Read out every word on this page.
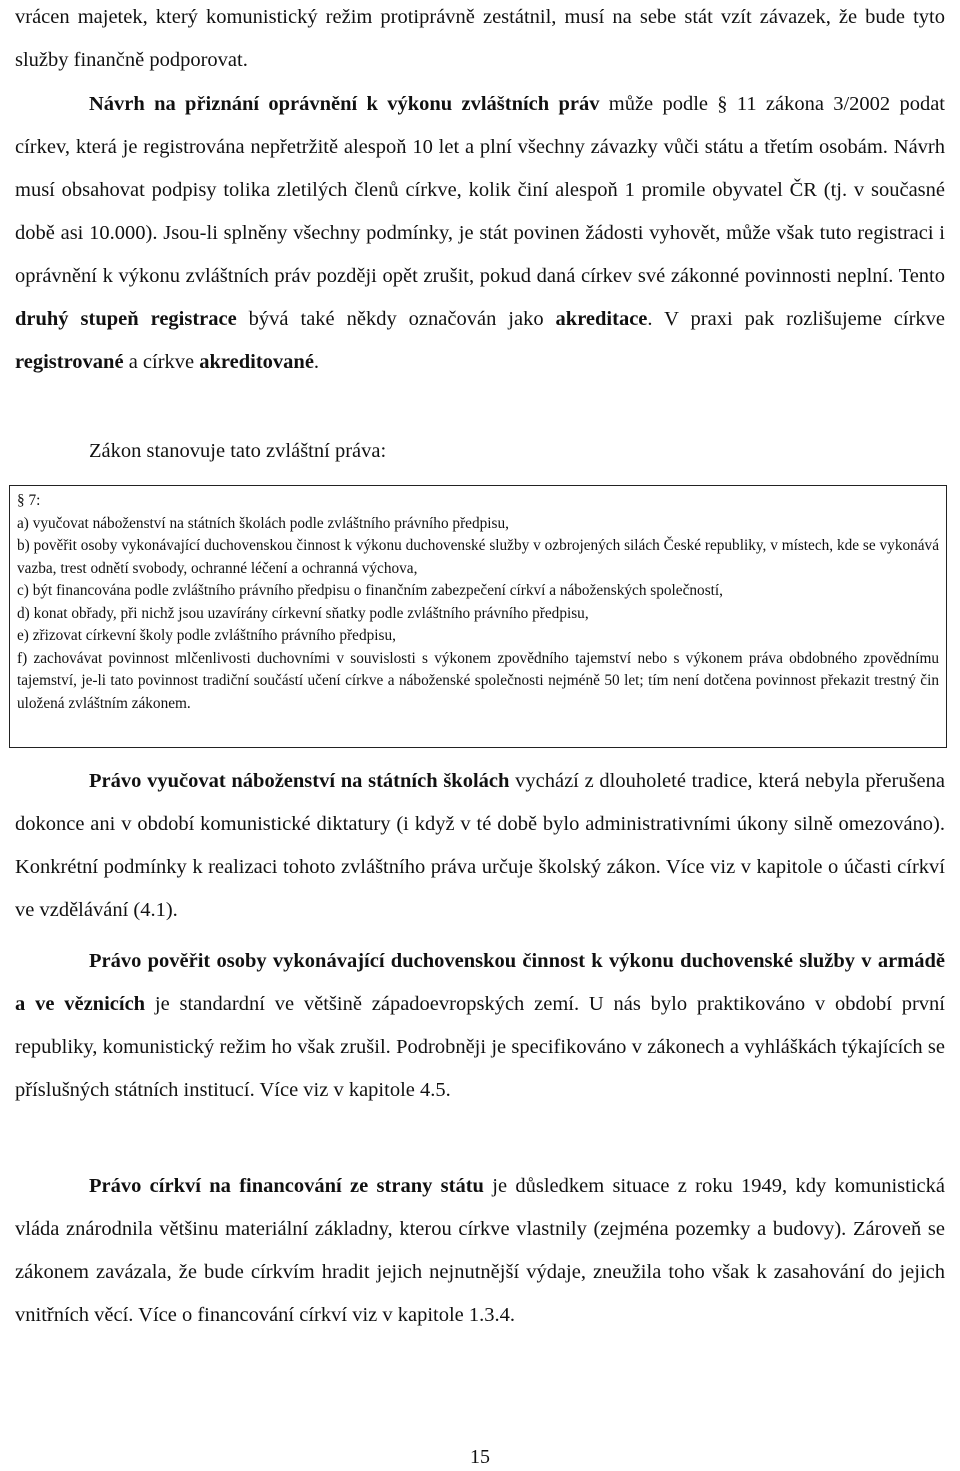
vrácen majetek, který komunistický režim protiprávně zestátnil, musí na sebe stát vzít závazek, že bude tyto služby finančně podporovat.

Návrh na přiznání oprávnění k výkonu zvláštních práv může podle § 11 zákona 3/2002 podat církev, která je registrována nepřetržitě alespoň 10 let a plní všechny závazky vůči státu a třetím osobám. Návrh musí obsahovat podpisy tolika zletilých členů církve, kolik činí alespoň 1 promile obyvatel ČR (tj. v současné době asi 10.000). Jsou-li splněny všechny podmínky, je stát povinen žádosti vyhovět, může však tuto registraci i oprávnění k výkonu zvláštních práv později opět zrušit, pokud daná církev své zákonné povinnosti neplní. Tento druhý stupeň registrace bývá také někdy označován jako akreditace. V praxi pak rozlišujeme církve registrované a církve akreditované.

Zákon stanovuje tato zvláštní práva:

§ 7:

a) vyučovat náboženství na státních školách podle zvláštního právního předpisu,

b) pověřit osoby vykonávající duchovenskou činnost k výkonu duchovenské služby v ozbrojených silách České republiky, v místech, kde se vykonává vazba, trest odnětí svobody, ochranné léčení a ochranná výchova,

c) být financována podle zvláštního právního předpisu o finančním zabezpečení církví a náboženských společností,

d) konat obřady, při nichž jsou uzavírány církevní sňatky podle zvláštního právního předpisu,

e) zřizovat církevní školy podle zvláštního právního předpisu,

f) zachovávat povinnost mlčenlivosti duchovními v souvislosti s výkonem zpovědního tajemství nebo s výkonem práva obdobného zpovědnímu tajemství, je-li tato povinnost tradiční součástí učení církve a náboženské společnosti nejméně 50 let; tím není dotčena povinnost překazit trestný čin uložená zvláštním zákonem.

Právo vyučovat náboženství na státních školách vychází z dlouholeté tradice, která nebyla přerušena dokonce ani v období komunistické diktatury (i když v té době bylo administrativními úkony silně omezováno). Konkrétní podmínky k realizaci tohoto zvláštního práva určuje školský zákon. Více viz v kapitole o účasti církví ve vzdělávání (4.1).

Právo pověřit osoby vykonávající duchovenskou činnost k výkonu duchovenské služby v armádě a ve věznicích je standardní ve většině západoevropských zemí. U nás bylo praktikováno v období první republiky, komunistický režim ho však zrušil. Podrobněji je specifikováno v zákonech a vyhláškách týkajících se příslušných státních institucí. Více viz v kapitole 4.5.

Právo církví na financování ze strany státu je důsledkem situace z roku 1949, kdy komunistická vláda znárodnila většinu materiální základny, kterou církve vlastnily (zejména pozemky a budovy). Zároveň se zákonem zavázala, že bude církvím hradit jejich nejnutnější výdaje, zneužila toho však k zasahování do jejich vnitřních věcí. Více o financování církví viz v kapitole 1.3.4.

15
